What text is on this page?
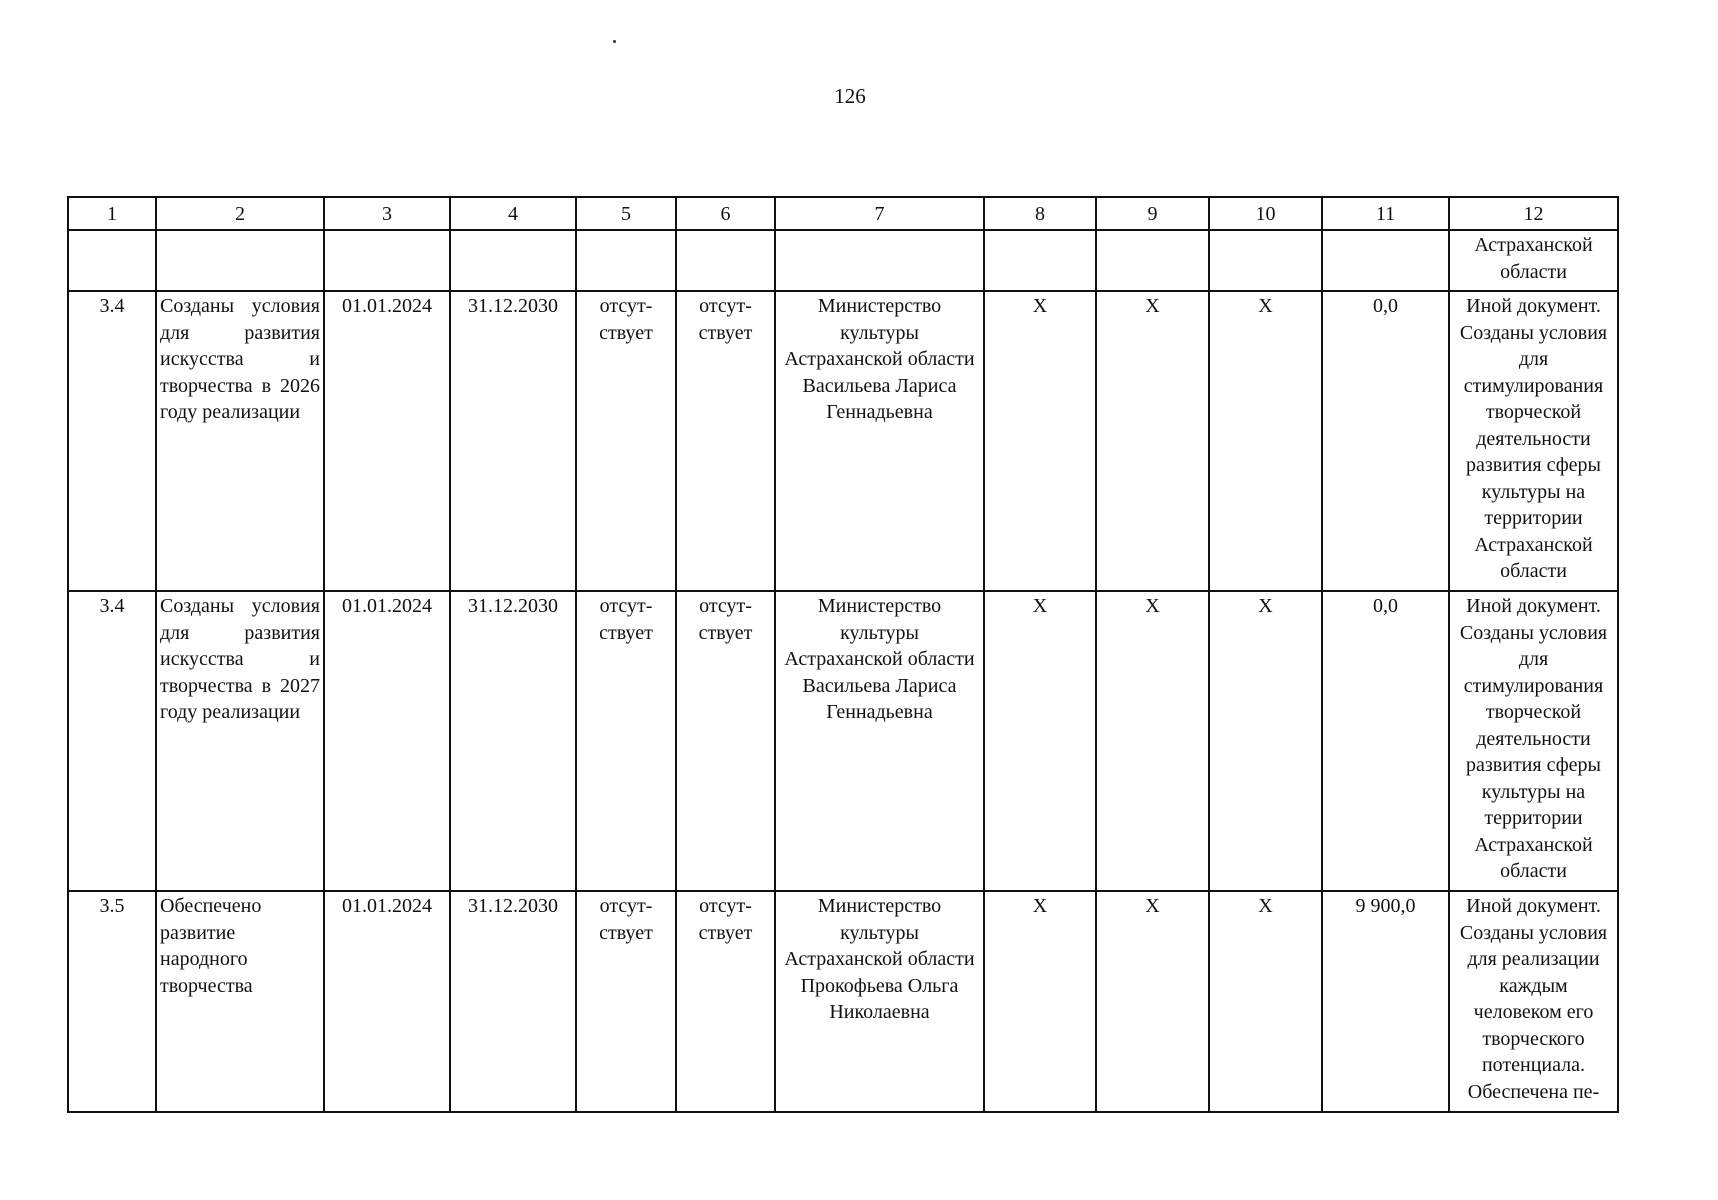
126
1	2	3	4	5	6	7	8	9	10	11	12
											Астраханской области
3.4	Созданы условия для развития искусства и творчества в 2026 году реализации	01.01.2024	31.12.2030	отсут-ствует	отсут-ствует	Министерство культуры Астраханской области Васильева Лариса Геннадьевна	X	X	X	0,0	Иной документ. Созданы условия для стимулирования творческой деятельности развития сферы культуры на территории Астраханской области
3.4	Созданы условия для развития искусства и творчества в 2027 году реализации	01.01.2024	31.12.2030	отсут-ствует	отсут-ствует	Министерство культуры Астраханской области Васильева Лариса Геннадьевна	X	X	X	0,0	Иной документ. Созданы условия для стимулирования творческой деятельности развития сферы культуры на территории Астраханской области
3.5	Обеспечено развитие народного творчества	01.01.2024	31.12.2030	отсут-ствует	отсут-ствует	Министерство культуры Астраханской области Прокофьева Ольга Николаевна	X	X	X	9 900,0	Иной документ. Созданы условия для реализации каждым человеком его творческого потенциала. Обеспечена пе-
